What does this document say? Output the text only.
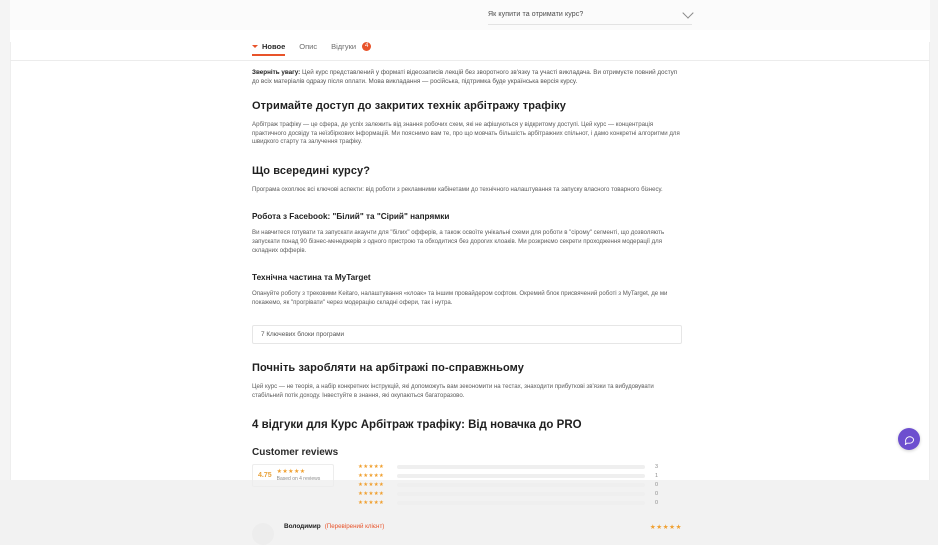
Як купити та отримати курс?
Новое Опис Відгуки	4

Зверніть увагу: Цей курс представлений у форматі відеозаписів лекцій без зворотного зв'язку та участі викладача. Ви отримуєте повний доступ до всіх матеріалів одразу після оплати. Мова викладання — російська, підтримка буде українська версія курсу.

Отримайте доступ до закритих технік арбітражу трафіку

Арбітраж трафіку — це сфера, де успіх залежить від знання робочих схем, які не афішуються у відкритому доступі. Цей курс — концентрація практичного досвіду та неїзбіркових інформацій. Ми пояснимо вам те, про що мовчать більшість арбітражних спільнот, і дамо конкретні алгоритми для швидкого старту та залучення трафіку.

Що всередині курсу?

Програма охоплює всі ключові аспекти: від роботи з рекламними кабінетами до технічного налаштування та запуску власного товарного бізнесу.

Робота з Facebook: "Білий" та "Сірий" напрямки

Ви навчитеся готувати та запускати акаунти для "білих" офферів, а також освоїте унікальні схеми для роботи в "сірому" сегменті, що дозволяють запускати понад 90 бізнес-менеджерів з одного пристрою та обходитися без дорогих клоаків. Ми розкриємо секрети проходження модерації для складних офферів.

Технічна частина та MyTarget

Опануйте роботу з трековими Keitaro, налаштування «клоак» та іншим провайдером софтом. Окремий блок присвячений роботі з MyTarget, де ми покажемо, як "прогрівати" через модерацію складні офери, так і нутра.

7 Ключевих блоки програми
Почніть заробляти на арбітражі по-справжньому

Цей курс — не теорія, а набір конкретних інструкцій, які допоможуть вам зекономити на тестах, знаходити прибуткові зв'язки та вибудовувати стабільний потік доходу. Інвестуйте в знання, які окупаються багаторазово.

4 відгуки для Курс Арбітраж трафіку: Від новачка до PRO
Customer reviews
4.75 ★★★★★
Based on 4 reviews
★★★★★	3
★★★★★	1
★★★★★	0
★★★★★	0
★★★★★	0
Володимир (Перевірений клієнт)	★★★★★
